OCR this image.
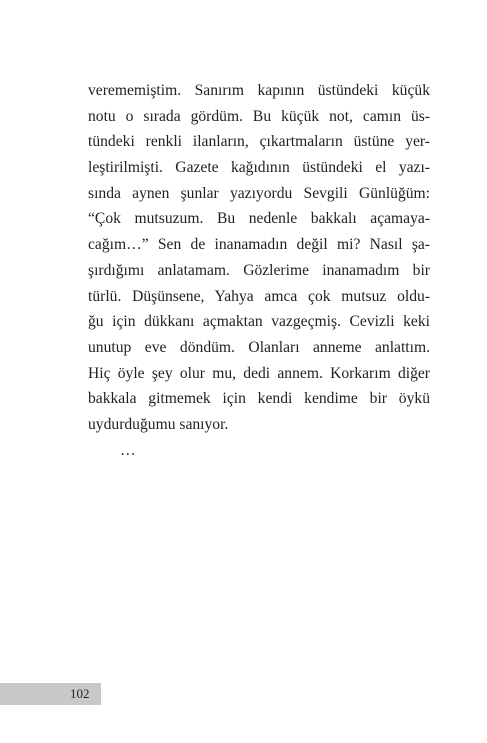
verememiştim. Sanırım kapının üstündeki küçük
notu o sırada gördüm. Bu küçük not, camın üs-
tündeki renkli ilanların, çıkartmaların üstüne yer-
leştirilmişti. Gazete kağıdının üstündeki el yazı-
sında aynen şunlar yazıyordu Sevgili Günlüğüm:
“Çok mutsuzum. Bu nedenle bakkalı açamaya-
cağım…” Sen de inanamadın değil mi? Nasıl şa-
şırdığımı anlatamam. Gözlerime inanamadım bir
türlü. Düşünsene, Yahya amca çok mutsuz oldu-
ğu için dükkanı açmaktan vazgeçmiş. Cevizli keki
unutup eve döndüm. Olanları anneme anlattım.
Hiç öyle şey olur mu, dedi annem. Korkarım diğer
bakkala gitmemek için kendi kendime bir öykü
uydurduğumu sanıyor.
…
102
